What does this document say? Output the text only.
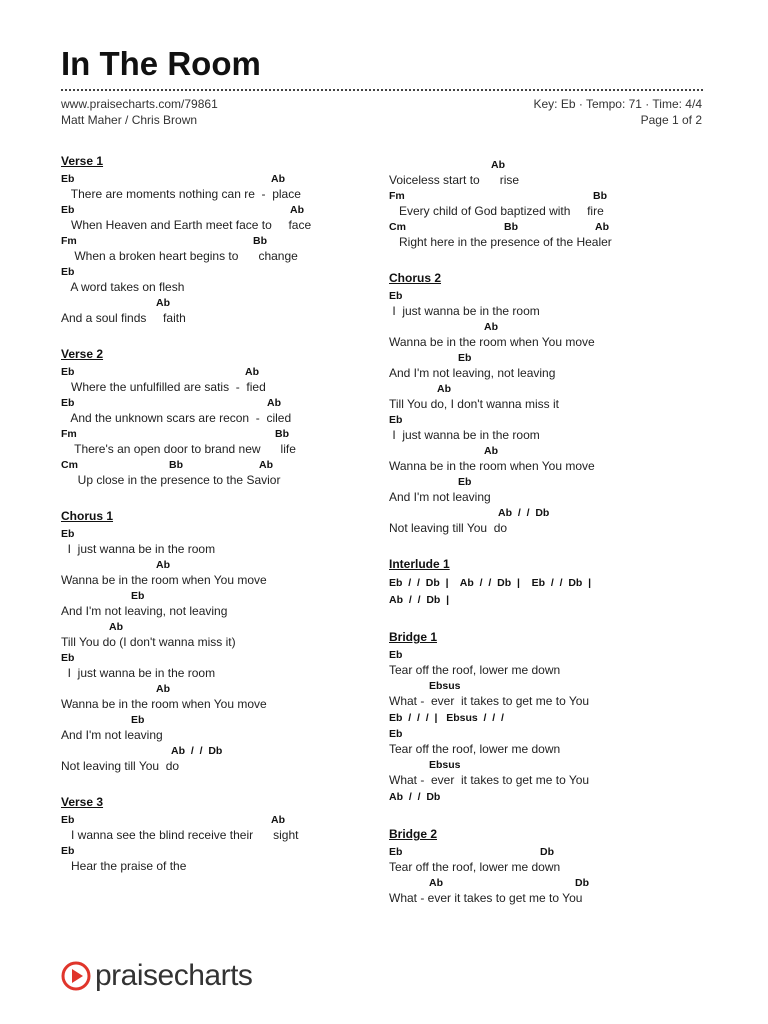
In The Room
www.praisecharts.com/79861
Matt Maher / Chris Brown
Key: Eb · Tempo: 71 · Time: 4/4
Page 1 of 2
Verse 1
Eb	Ab
There are moments nothing can re  -  place
Eb	Ab
When Heaven and Earth meet face to     face
Fm	Bb
When a broken heart begins to      change
Eb
A word takes on flesh
Ab
And a soul finds     faith
Verse 2
Eb	Ab
Where the unfulfilled are satis  -  fied
Eb	Ab
And the unknown scars are recon  -  ciled
Fm	Bb
There's an open door to brand new      life
Cm	Bb	Ab
Up close in the presence to the Savior
Chorus 1
Eb
I  just wanna be in the room
Ab
Wanna be in the room when You move
Eb
And I'm not leaving, not leaving
Ab
Till You do (I don't wanna miss it)
Eb
I  just wanna be in the room
Ab
Wanna be in the room when You move
Eb
And I'm not leaving
Ab  /  /  Db
Not leaving till You  do
Verse 3
Eb	Ab
I wanna see the blind receive their      sight
Eb
Hear the praise of the
Ab
Voiceless start to      rise
Fm	Bb
Every child of God baptized with     fire
Cm	Bb	Ab
Right here in the presence of the Healer
Chorus 2
Eb
I  just wanna be in the room
Ab
Wanna be in the room when You move
Eb
And I'm not leaving, not leaving
Ab
Till You do, I don't wanna miss it
Eb
I  just wanna be in the room
Ab
Wanna be in the room when You move
Eb
And I'm not leaving
Ab  /  /  Db
Not leaving till You  do
Interlude 1
Eb  /  /  Db  |    Ab  /  /  Db  |    Eb  /  /  Db  |
Ab  /  /  Db  |
Bridge 1
Eb
Tear off the roof, lower me down
Ebsus
What -  ever  it takes to get me to You
Eb  /  /  /  |   Ebsus  /  /  /
Eb
Tear off the roof, lower me down
Ebsus
What -  ever  it takes to get me to You
Ab  /  /  Db
Bridge 2
Eb	Db
Tear off the roof, lower me down
Ab	Db
What - ever it takes to get me to You
praisecharts
